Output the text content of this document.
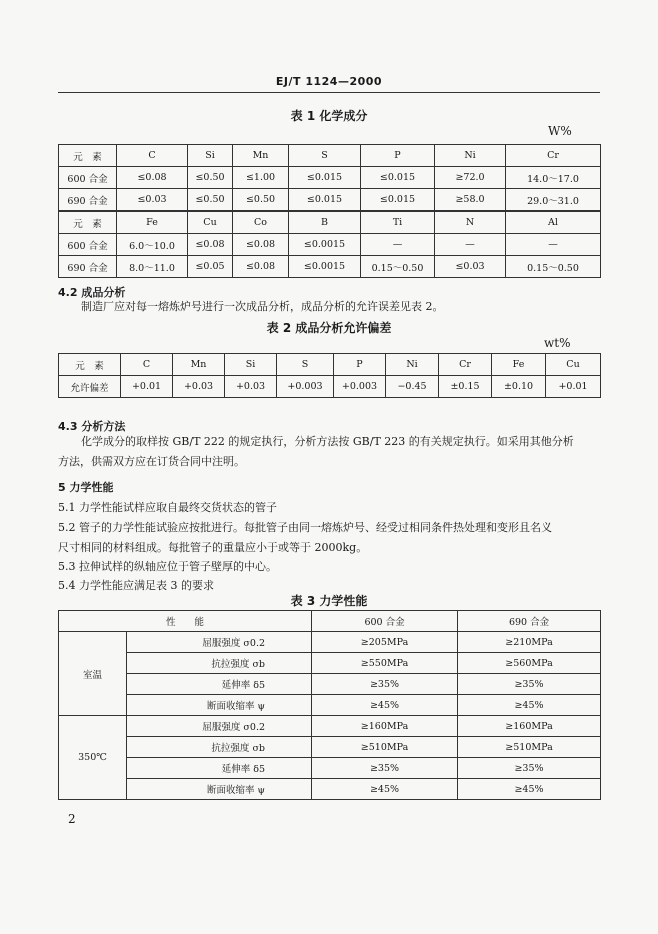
EJ/T 1124—2000
表 1 化学成分
W%
元　素	C	Si	Mn	S	P	Ni	Cr
600 合金	≤0.08	≤0.50	≤1.00	≤0.015	≤0.015	≥72.0	14.0～17.0
690 合金	≤0.03	≤0.50	≤0.50	≤0.015	≤0.015	≥58.0	29.0～31.0
元　素	Fe	Cu	Co	B	Ti	N	Al
600 合金	6.0～10.0	≤0.08	≤0.08	≤0.0015	—	—	—
690 合金	8.0～11.0	≤0.05	≤0.08	≤0.0015	0.15～0.50	≤0.03	0.15～0.50
4.2 成品分析
制造厂应对每一熔炼炉号进行一次成品分析，成品分析的允许误差见表 2。
表 2 成品分析允许偏差
wt%
元　素	C	Mn	Si	S	P	Ni	Cr	Fe	Cu
允许偏差	+0.01	+0.03	+0.03	+0.003	+0.003	−0.45	±0.15	±0.10	+0.01
4.3 分析方法
化学成分的取样按 GB/T 222 的规定执行，分析方法按 GB/T 223 的有关规定执行。如采用其他分析
方法，供需双方应在订货合同中注明。
5 力学性能
5.1 力学性能试样应取自最终交货状态的管子
5.2 管子的力学性能试验应按批进行。每批管子由同一熔炼炉号、经受过相同条件热处理和变形且名义
尺寸相同的材料组成。每批管子的重量应小于或等于 2000kg。
5.3 拉伸试样的纵轴应位于管子壁厚的中心。
5.4 力学性能应满足表 3 的要求
表 3 力学性能
性　　能		600 合金	690 合金
室温	屈服强度 σ0.2	≥205MPa	≥210MPa
	抗拉强度 σb	≥550MPa	≥560MPa
	延伸率 δ5	≥35%	≥35%
	断面收缩率 ψ	≥45%	≥45%
350℃	屈服强度 σ0.2	≥160MPa	≥160MPa
	抗拉强度 σb	≥510MPa	≥510MPa
	延伸率 δ5	≥35%	≥35%
	断面收缩率 ψ	≥45%	≥45%
2
